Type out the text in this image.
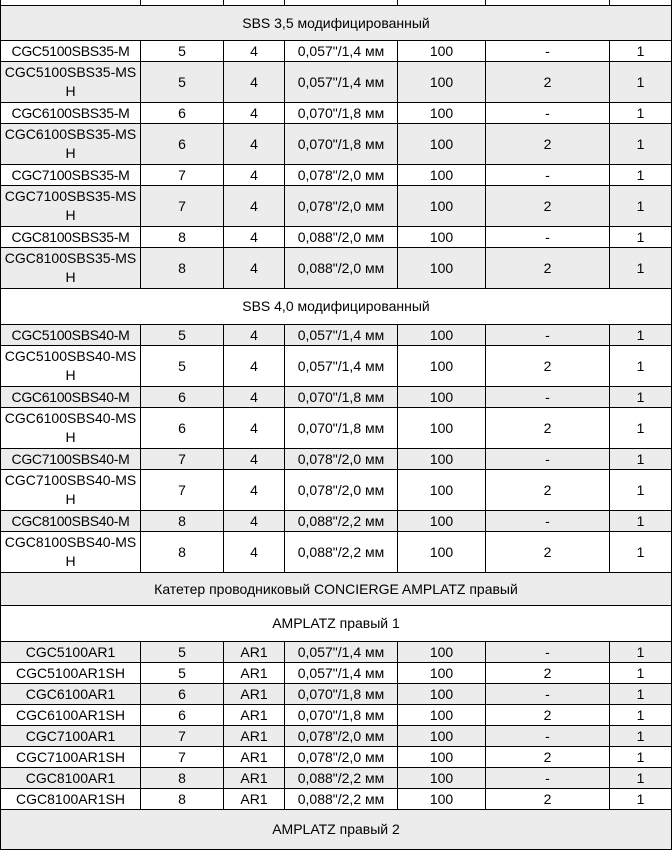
SBS 3,5 модифицированный						
CGC5100SBS35-M	5	4	0,057"/1,4 мм	100	-	1
CGC5100SBS35-MSH	5	4	0,057"/1,4 мм	100	2	1
CGC6100SBS35-M	6	4	0,070"/1,8 мм	100	-	1
CGC6100SBS35-MSH	6	4	0,070"/1,8 мм	100	2	1
CGC7100SBS35-M	7	4	0,078"/2,0 мм	100	-	1
CGC7100SBS35-MSH	7	4	0,078"/2,0 мм	100	2	1
CGC8100SBS35-M	8	4	0,088"/2,0 мм	100	-	1
CGC8100SBS35-MSH	8	4	0,088"/2,0 мм	100	2	1
SBS 4,0 модифицированный						
CGC5100SBS40-M	5	4	0,057"/1,4 мм	100	-	1
CGC5100SBS40-MSH	5	4	0,057"/1,4 мм	100	2	1
CGC6100SBS40-M	6	4	0,070"/1,8 мм	100	-	1
CGC6100SBS40-MSH	6	4	0,070"/1,8 мм	100	2	1
CGC7100SBS40-M	7	4	0,078"/2,0 мм	100	-	1
CGC7100SBS40-MSH	7	4	0,078"/2,0 мм	100	2	1
CGC8100SBS40-M	8	4	0,088"/2,2 мм	100	-	1
CGC8100SBS40-MSH	8	4	0,088"/2,2 мм	100	2	1
Катетер проводниковый CONCIERGE AMPLATZ правый						
AMPLATZ правый 1						
CGC5100AR1	5	AR1	0,057"/1,4 мм	100	-	1
CGC5100AR1SH	5	AR1	0,057"/1,4 мм	100	2	1
CGC6100AR1	6	AR1	0,070"/1,8 мм	100	-	1
CGC6100AR1SH	6	AR1	0,070"/1,8 мм	100	2	1
CGC7100AR1	7	AR1	0,078"/2,0 мм	100	-	1
CGC7100AR1SH	7	AR1	0,078"/2,0 мм	100	2	1
CGC8100AR1	8	AR1	0,088"/2,2 мм	100	-	1
CGC8100AR1SH	8	AR1	0,088"/2,2 мм	100	2	1
AMPLATZ правый 2						
